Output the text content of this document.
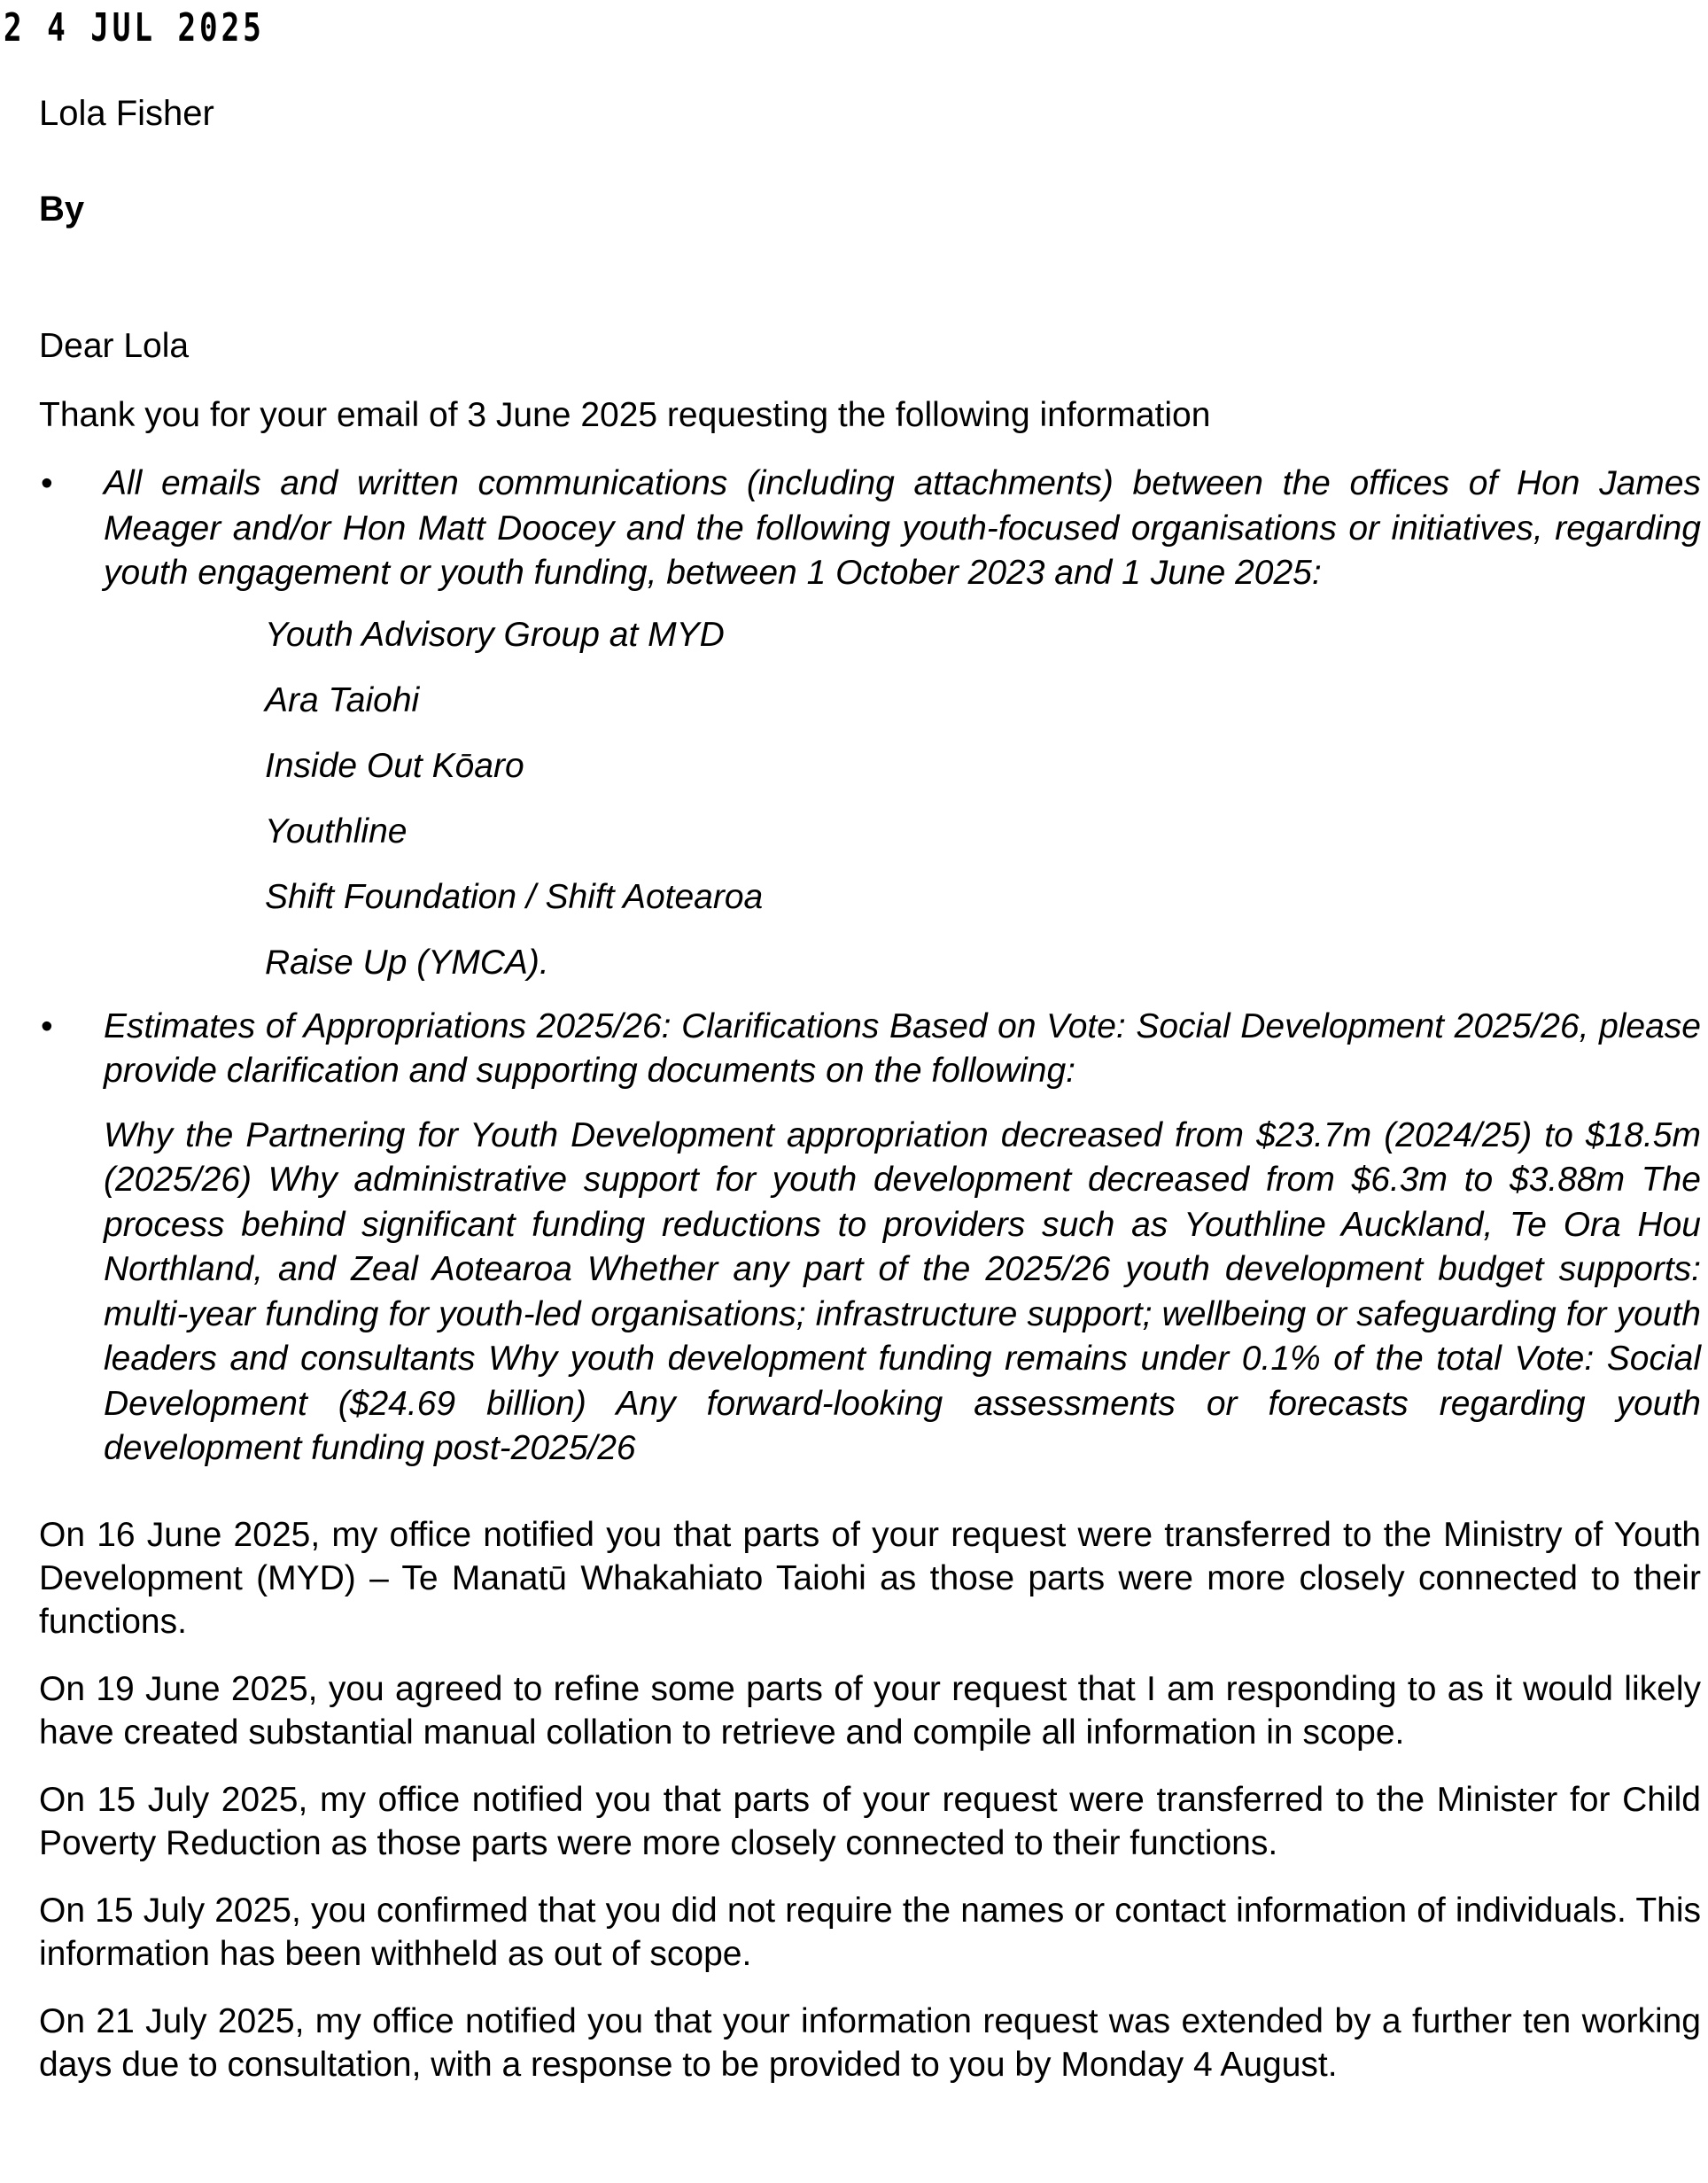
2 4 JUL 2025
Lola Fisher
By

Dear Lola

Thank you for your email of 3 June 2025 requesting the following information

• All emails and written communications (including attachments) between the offices of Hon James Meager and/or Hon Matt Doocey and the following youth-focused organisations or initiatives, regarding youth engagement or youth funding, between 1 October 2023 and 1 June 2025:
Youth Advisory Group at MYD
Ara Taiohi
Inside Out Kōaro
Youthline
Shift Foundation / Shift Aotearoa
Raise Up (YMCA).
• Estimates of Appropriations 2025/26: Clarifications Based on Vote: Social Development 2025/26, please provide clarification and supporting documents on the following:

Why the Partnering for Youth Development appropriation decreased from $23.7m (2024/25) to $18.5m (2025/26) Why administrative support for youth development decreased from $6.3m to $3.88m The process behind significant funding reductions to providers such as Youthline Auckland, Te Ora Hou Northland, and Zeal Aotearoa Whether any part of the 2025/26 youth development budget supports: multi-year funding for youth-led organisations; infrastructure support; wellbeing or safeguarding for youth leaders and consultants Why youth development funding remains under 0.1% of the total Vote: Social Development ($24.69 billion) Any forward-looking assessments or forecasts regarding youth development funding post-2025/26

On 16 June 2025, my office notified you that parts of your request were transferred to the Ministry of Youth Development (MYD) – Te Manatū Whakahiato Taiohi as those parts were more closely connected to their functions.

On 19 June 2025, you agreed to refine some parts of your request that I am responding to as it would likely have created substantial manual collation to retrieve and compile all information in scope.

On 15 July 2025, my office notified you that parts of your request were transferred to the Minister for Child Poverty Reduction as those parts were more closely connected to their functions.

On 15 July 2025, you confirmed that you did not require the names or contact information of individuals. This information has been withheld as out of scope.

On 21 July 2025, my office notified you that your information request was extended by a further ten working days due to consultation, with a response to be provided to you by Monday 4 August.
